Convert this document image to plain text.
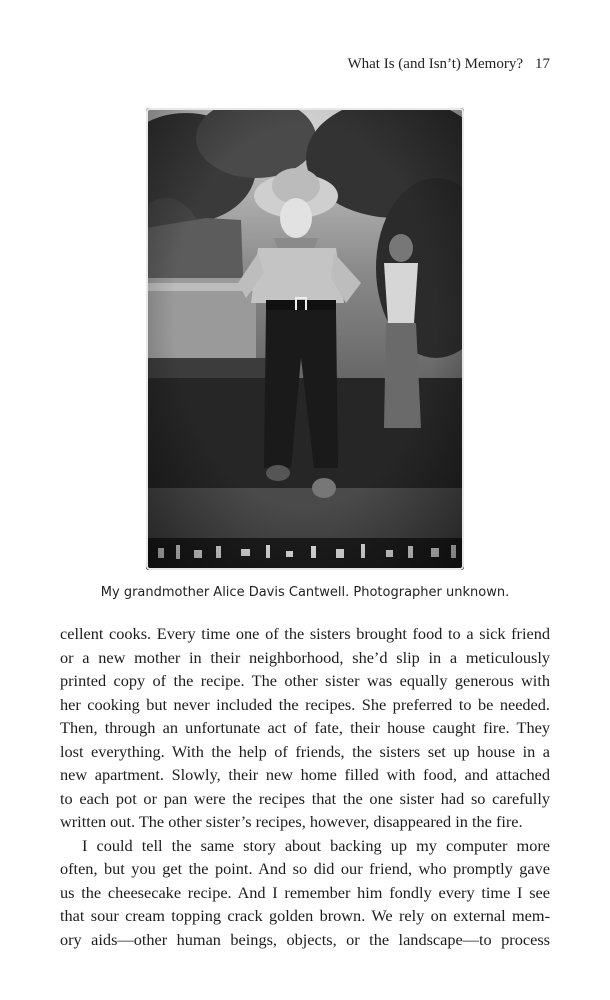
What Is (and Isn’t) Memory? 17
My grandmother Alice Davis Cantwell. Photographer unknown.
cellent cooks. Every time one of the sisters brought food to a sick friend
or a new mother in their neighborhood, she’d slip in a meticulously
printed copy of the recipe. The other sister was equally generous with
her cooking but never included the recipes. She preferred to be needed.
Then, through an unfortunate act of fate, their house caught fire. They
lost everything. With the help of friends, the sisters set up house in a
new apartment. Slowly, their new home filled with food, and attached
to each pot or pan were the recipes that the one sister had so carefully
written out. The other sister’s recipes, however, disappeared in the fire.
I could tell the same story about backing up my computer more
often, but you get the point. And so did our friend, who promptly gave
us the cheesecake recipe. And I remember him fondly every time I see
that sour cream topping crack golden brown. We rely on external mem-
ory aids—other human beings, objects, or the landscape—to process
